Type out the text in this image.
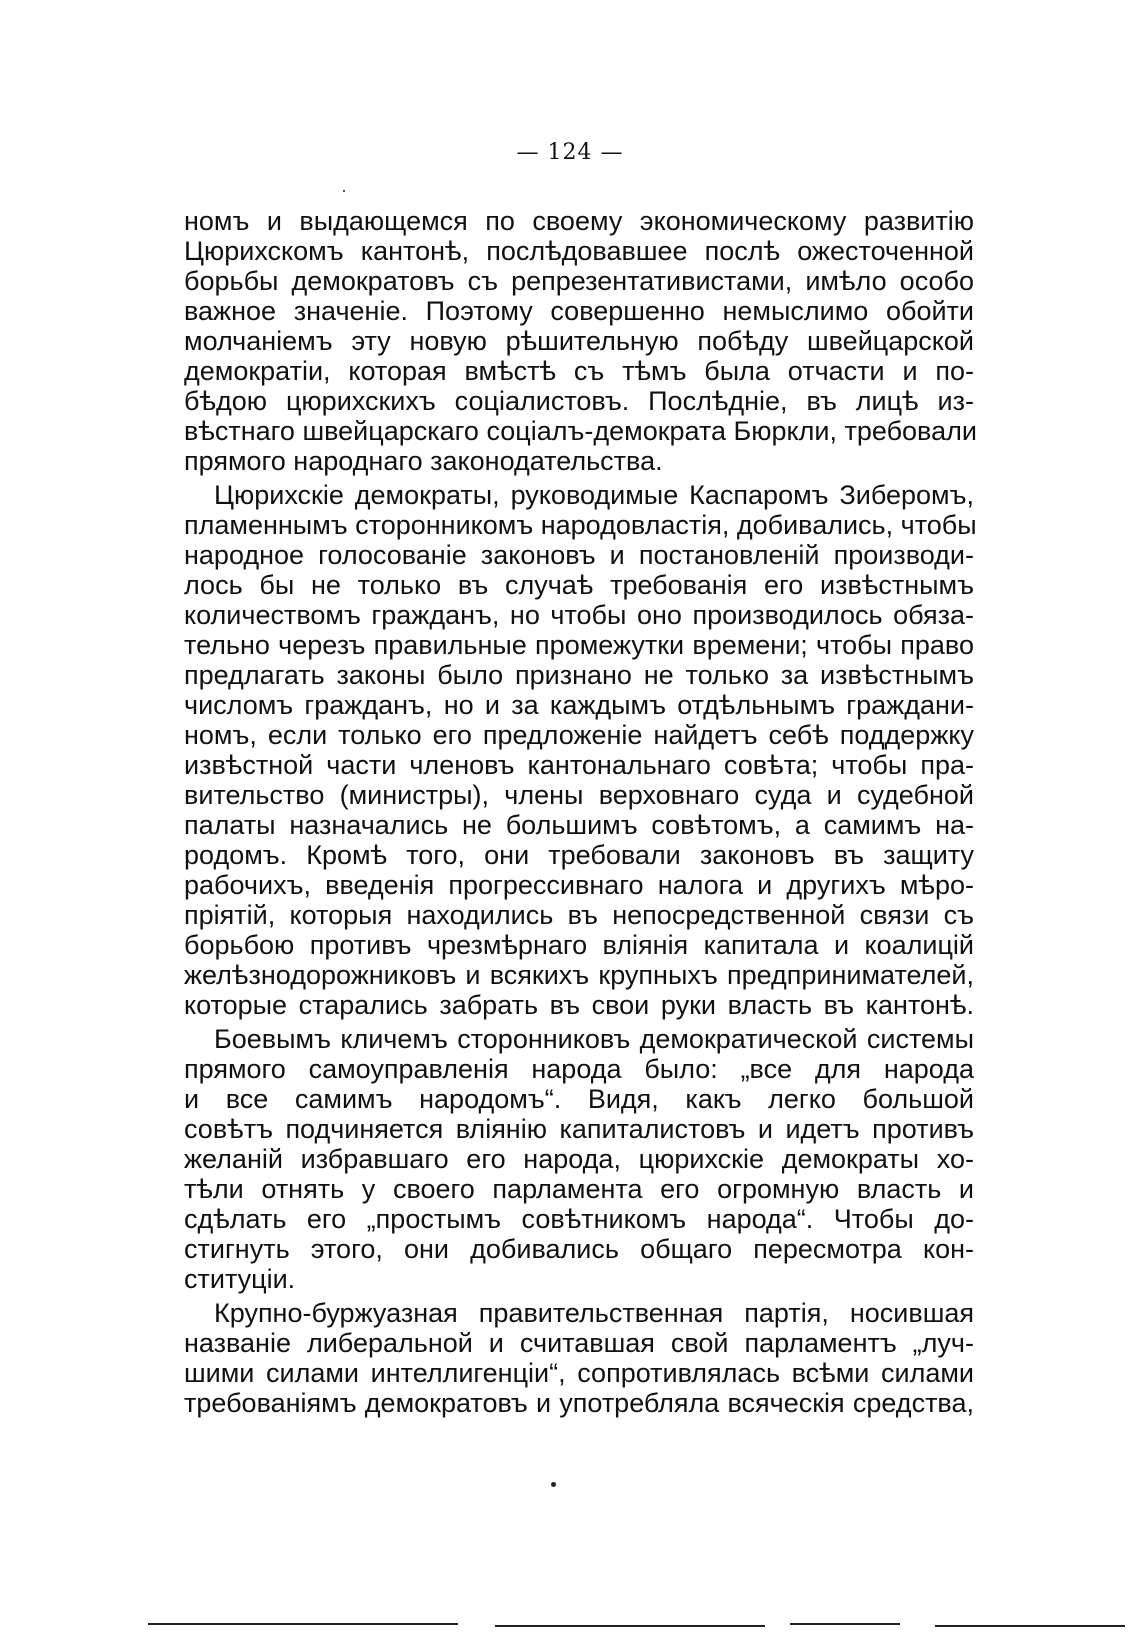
— 124 —
номъ и выдающемся по своему экономическому развитію
Цюрихскомъ кантонѣ, послѣдовавшее послѣ ожесточенной
борьбы демократовъ съ репрезентативистами, имѣло особо
важное значеніе. Поэтому совершенно немыслимо обойти
молчаніемъ эту новую рѣшительную побѣду швейцарской
демократіи, которая вмѣстѣ съ тѣмъ была отчасти и по-
бѣдою цюрихскихъ соціалистовъ. Послѣдніе, въ лицѣ из-
вѣстнаго швейцарскаго соціалъ-демократа Бюркли, требовали
прямого народнаго законодательства.
Цюрихскіе демократы, руководимые Каспаромъ Зиберомъ,
пламеннымъ сторонникомъ народовластія, добивались, чтобы
народное голосованіе законовъ и постановленій производи-
лось бы не только въ случаѣ требованія его извѣстнымъ
количествомъ гражданъ, но чтобы оно производилось обяза-
тельно черезъ правильные промежутки времени; чтобы право
предлагать законы было признано не только за извѣстнымъ
числомъ гражданъ, но и за каждымъ отдѣльнымъ граждани-
номъ, если только его предложеніе найдетъ себѣ поддержку
извѣстной части членовъ кантональнаго совѣта; чтобы пра-
вительство (министры), члены верховнаго суда и судебной
палаты назначались не большимъ совѣтомъ, а самимъ на-
родомъ. Кромѣ того, они требовали законовъ въ защиту
рабочихъ, введенія прогрессивнаго налога и другихъ мѣро-
пріятій, которыя находились въ непосредственной связи съ
борьбою противъ чрезмѣрнаго вліянія капитала и коалицій
желѣзнодорожниковъ и всякихъ крупныхъ предпринимателей,
которые старались забрать въ свои руки власть въ кантонѣ.
Боевымъ кличемъ сторонниковъ демократической системы
прямого самоуправленія народа было: „все для народа
и все самимъ народомъ“. Видя, какъ легко большой
совѣтъ подчиняется вліянію капиталистовъ и идетъ противъ
желаній избравшаго его народа, цюрихскіе демократы хо-
тѣли отнять у своего парламента его огромную власть и
сдѣлать его „простымъ совѣтникомъ народа“. Чтобы до-
стигнуть этого, они добивались общаго пересмотра кон-
ституціи.
Крупно-буржуазная правительственная партія, носившая
названіе либеральной и считавшая свой парламентъ „луч-
шими силами интеллигенціи“, сопротивлялась всѣми силами
требованіямъ демократовъ и употребляла всяческія средства,
